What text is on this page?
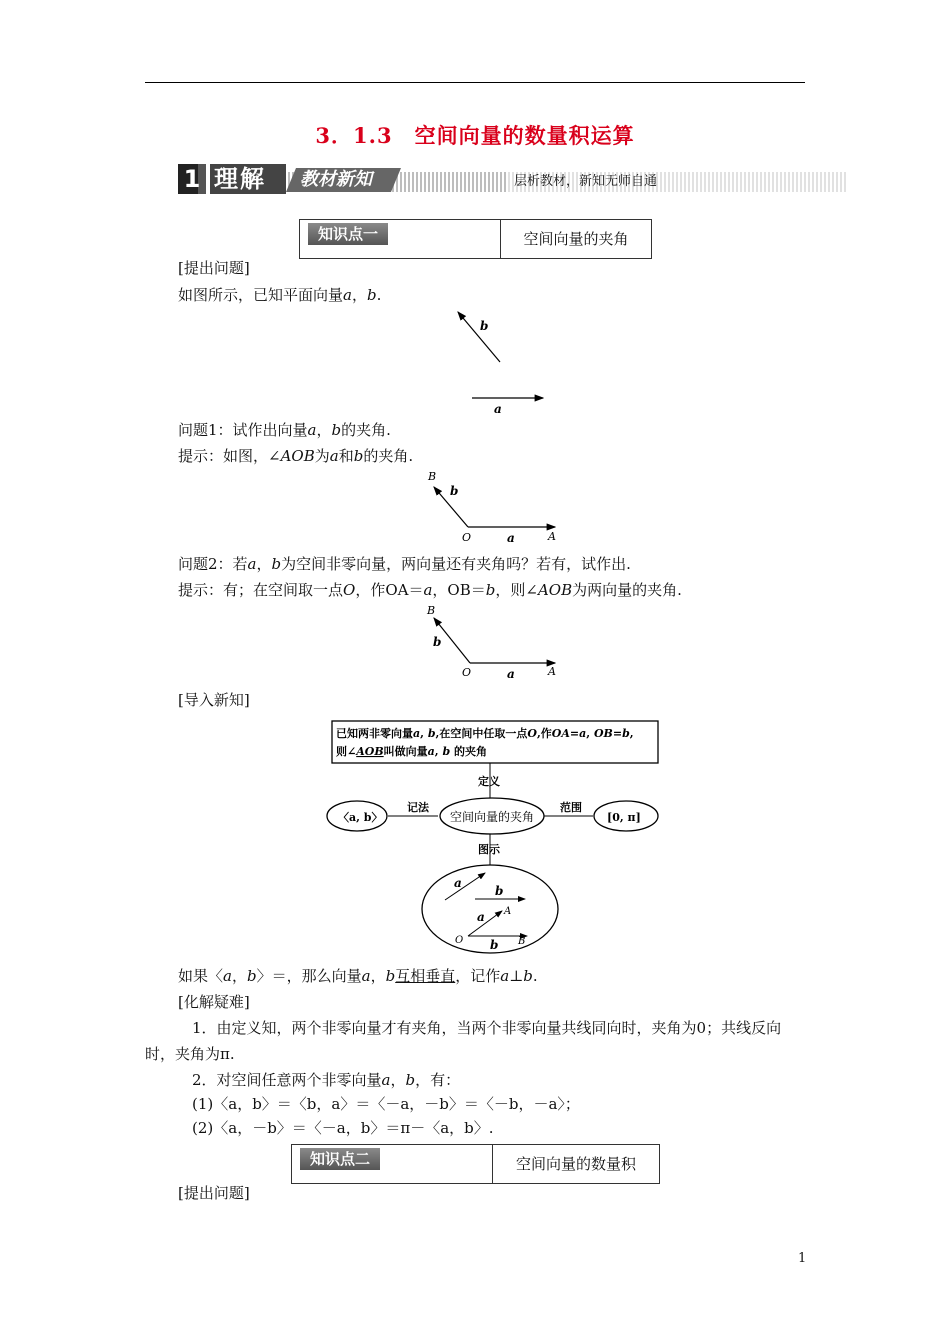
3．1.3　空间向量的数量积运算
1 理解 教材新知	层析教材，新知无师自通
知识点一	空间向量的夹角
[提出问题]
如图所示，已知平面向量a，b.
b
a
问题1：试作出向量a，b的夹角.
提示：如图，∠AOB为a和b的夹角.
B
b
O	a	A
问题2：若a，b为空间非零向量，两向量还有夹角吗？若有，试作出.
提示：有；在空间取一点O，作OA＝a，OB＝b，则∠AOB为两向量的夹角.
B
b
O	a	A
[导入新知]
已知两非零向量a, b,在空间中任取一点O,作OA=a, OB=b,
则∠AOB叫做向量a, b 的夹角
定义
空间向量的夹角
记法
〈a, b〉
范围
[0, π]
图示
a
b
a A
O b B
如果〈a，b〉＝，那么向量a，b互相垂直，记作a⊥b.
[化解疑难]
1．由定义知，两个非零向量才有夹角，当两个非零向量共线同向时，夹角为0；共线反向
时，夹角为π.
2．对空间任意两个非零向量a，b，有：
(1)〈a，b〉＝〈b，a〉＝〈－a，－b〉＝〈－b，－a〉；
(2)〈a，－b〉＝〈－a，b〉＝π－〈a，b〉.
知识点二	空间向量的数量积
[提出问题]
1
